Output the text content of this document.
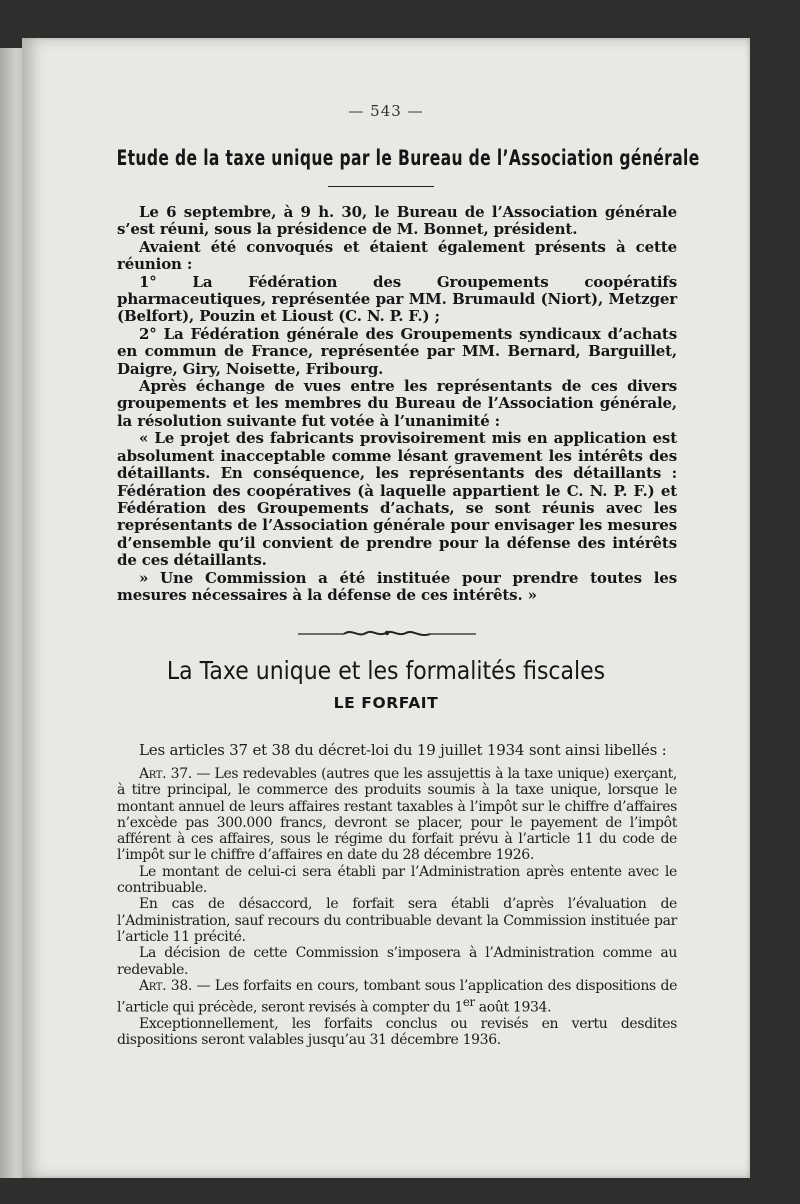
— 543 —
Etude de la taxe unique par le Bureau de l’Association générale

Le 6 septembre, à 9 h. 30, le Bureau de l’Association générale s’est réuni, sous la présidence de M. Bonnet, président.

Avaient été convoqués et étaient également présents à cette réunion :

1° La Fédération des Groupements coopératifs pharmaceutiques, représentée par MM. Brumauld (Niort), Metzger (Belfort), Pouzin et Lioust (C. N. P. F.) ;

2° La Fédération générale des Groupements syndicaux d’achats en commun de France, représentée par MM. Bernard, Barguillet, Daigre, Giry, Noisette, Fribourg.

Après échange de vues entre les représentants de ces divers groupements et les membres du Bureau de l’Association générale, la résolution suivante fut votée à l’unanimité :

« Le projet des fabricants provisoirement mis en application est absolument inacceptable comme lésant gravement les intérêts des détaillants. En conséquence, les représentants des détaillants : Fédération des coopératives (à laquelle appartient le C. N. P. F.) et Fédération des Groupements d’achats, se sont réunis avec les représentants de l’Association générale pour envisager les mesures d’ensemble qu’il convient de prendre pour la défense des intérêts de ces détaillants.

» Une Commission a été instituée pour prendre toutes les mesures nécessaires à la défense de ces intérêts. »

La Taxe unique et les formalités fiscales
LE FORFAIT

Les articles 37 et 38 du décret-loi du 19 juillet 1934 sont ainsi libellés :

Art. 37. — Les redevables (autres que les assujettis à la taxe unique) exerçant, à titre principal, le commerce des produits soumis à la taxe unique, lorsque le montant annuel de leurs affaires restant taxables à l’impôt sur le chiffre d’affaires n’excède pas 300.000 francs, devront se placer, pour le payement de l’impôt afférent à ces affaires, sous le régime du forfait prévu à l’article 11 du code de l’impôt sur le chiffre d’affaires en date du 28 décembre 1926.

Le montant de celui-ci sera établi par l’Administration après entente avec le contribuable.

En cas de désaccord, le forfait sera établi d’après l’évaluation de l’Administration, sauf recours du contribuable devant la Commission instituée par l’article 11 précité.

La décision de cette Commission s’imposera à l’Administration comme au redevable.

Art. 38. — Les forfaits en cours, tombant sous l’application des dispositions de l’article qui précède, seront revisés à compter du 1er août 1934.

Exceptionnellement, les forfaits conclus ou revisés en vertu desdites dispositions seront valables jusqu’au 31 décembre 1936.
